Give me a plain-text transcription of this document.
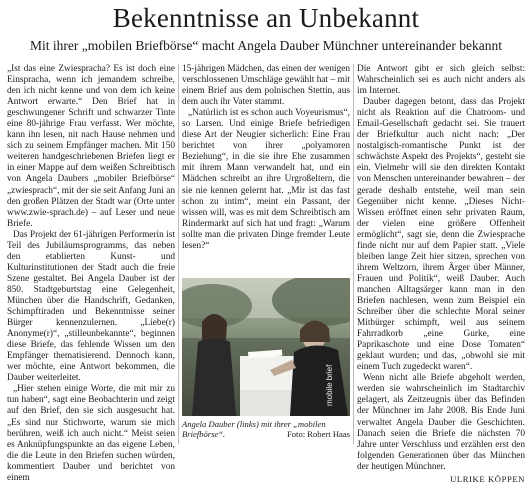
Bekenntnisse an Unbekannt
Mit ihrer „mobilen Briefbörse“ macht Angela Dauber Münchner untereinander bekannt

„Ist das eine Zwiespracha? Es ist doch eine Einspracha, wenn ich jemandem schreibe, den ich nicht kenne und von dem ich keine Antwort erwarte.“ Den Brief hat in geschwungener Schrift und schwarzer Tinte eine 80-jährige Frau verfasst. Wer möchte, kann ihn lesen, nit nach Hause nehmen und sich zu seinem Empfänger machen. Mit 150 weiteren handgeschriebenen Briefen liegt er in einer Mappe auf dem weißen Schreibtisch von Angela Daubers „mobiler Briefbörse“ „zwiesprach“, mit der sie seit Anfang Juni an den großen Plätzen der Stadt war (Orte unter www.zwie-sprach.de) – auf Leser und neue Briefe.

Das Projekt der 61-jährigen Performerin ist Teil des Jubiläumsprogramms, das neben den etablierten Kunst- und Kulturinstitutionen der Stadt auch die freie Szene gestaltet. Bei Angela Dauber ist der 850. Stadtgeburtstag eine Gelegenheit, München über die Handschrift, Gedanken, Schimpftiraden und Bekenntnisse seiner Bürger kennenzulernen. „Liebe(r) Anonyme(r)“, „stilleunbekannte“, beginnen diese Briefe, das fehlende Wissen um den Empfänger thematisierend. Dennoch kann, wer möchte, eine Antwort bekommen, die Dauber weiterleitet.

„Hier stehen einige Worte, die mit mir zu tun haben“, sagt eine Beobachterin und zeigt auf den Brief, den sie sich ausgesucht hat. „Es sind nur Stichworte, warum sie mich berühren, weiß ich auch nicht.“ Meist seien es Anknüpfungspunkte an das eigene Leben, die die Leute in den Briefen suchen würden, kommentiert Dauber und berichtet von einem

15-jährigen Mädchen, das einen der wenigen verschlossenen Umschläge gewählt hat – mit einem Brief aus dem polnischen Stettin, aus dem auch ihr Vater stammt.

„Natürlich ist es schon auch Voyeurismus“, so Larsen. Und einige Briefe befriedigen diese Art der Neugier sicherlich: Eine Frau berichtet von ihrer „polyamoren Beziehung“, in die sie ihre Ehe zusammen mit ihrem Mann verwandelt hat, und ein Mädchen schreibt an ihre Urgroßeltern, die sie nie kennen gelernt hat. „Mir ist das fast schon zu intim“, meint ein Passant, der wissen will, was es mit dem Schreibtisch am Rindermarkt auf sich hat und fragt: „Warum sollte man die privaten Dinge fremder Leute lesen?“

mobile brief
Angela Dauber (links) mit ihrer „mobilen Briefbörse“.	Foto: Robert Haas

Die Antwort gibt er sich gleich selbst: Wahrscheinlich sei es auch nicht anders als im Internet.

Dauber dagegen betont, dass das Projekt nicht als Reaktion auf die Chatroom- und Email-Gesellschaft gedacht sei. Sie trauert der Briefkultur auch nicht nach: „Der nostalgisch-romantische Punkt ist der schwächste Aspekt des Projekts“, gesteht sie ein. Vielmehr will sie den direkten Kontakt von Menschen untereinander bewahren – der gerade deshalb entstehe, weil man sein Gegenüber nicht kenne. „Dieses Nicht-Wissen eröffnet einen sehr privaten Raum, der vielen eine größere Offenheit ermöglicht“, sagt sie, denn die Zwiesprache finde nicht nur auf dem Papier statt. „Viele bleiben lange Zeit hier sitzen, sprechen von ihrem Weltzorn, ihrem Ärger über Männer, Frauen und Politik“, weiß Dauber. Auch manchen Alltagsärger kann man in den Briefen nachlesen, wenn zum Beispiel ein Schreiber über die schlechte Moral seiner Mitbürger schimpft, weil aus seinem Fahrradkorb „eine Gurke, eine Paprikaschote und eine Dose Tomaten“ geklaut wurden; und das, „obwohl sie mit einem Tuch zugedeckt waren“.

Wenn nicht alle Briefe abgeholt werden, werden sie wahrscheinlich im Stadtarchiv gelagert, als Zeitzeugnis über das Befinden der Münchner im Jahr 2008. Bis Ende Juni verwaltet Angela Dauber die Geschichten. Danach seien die Briefe die nächsten 70 Jahre unter Verschluss und erzählen erst den folgenden Generationen über das München der heutigen Münchner.

ULRIKE KÖPPEN
